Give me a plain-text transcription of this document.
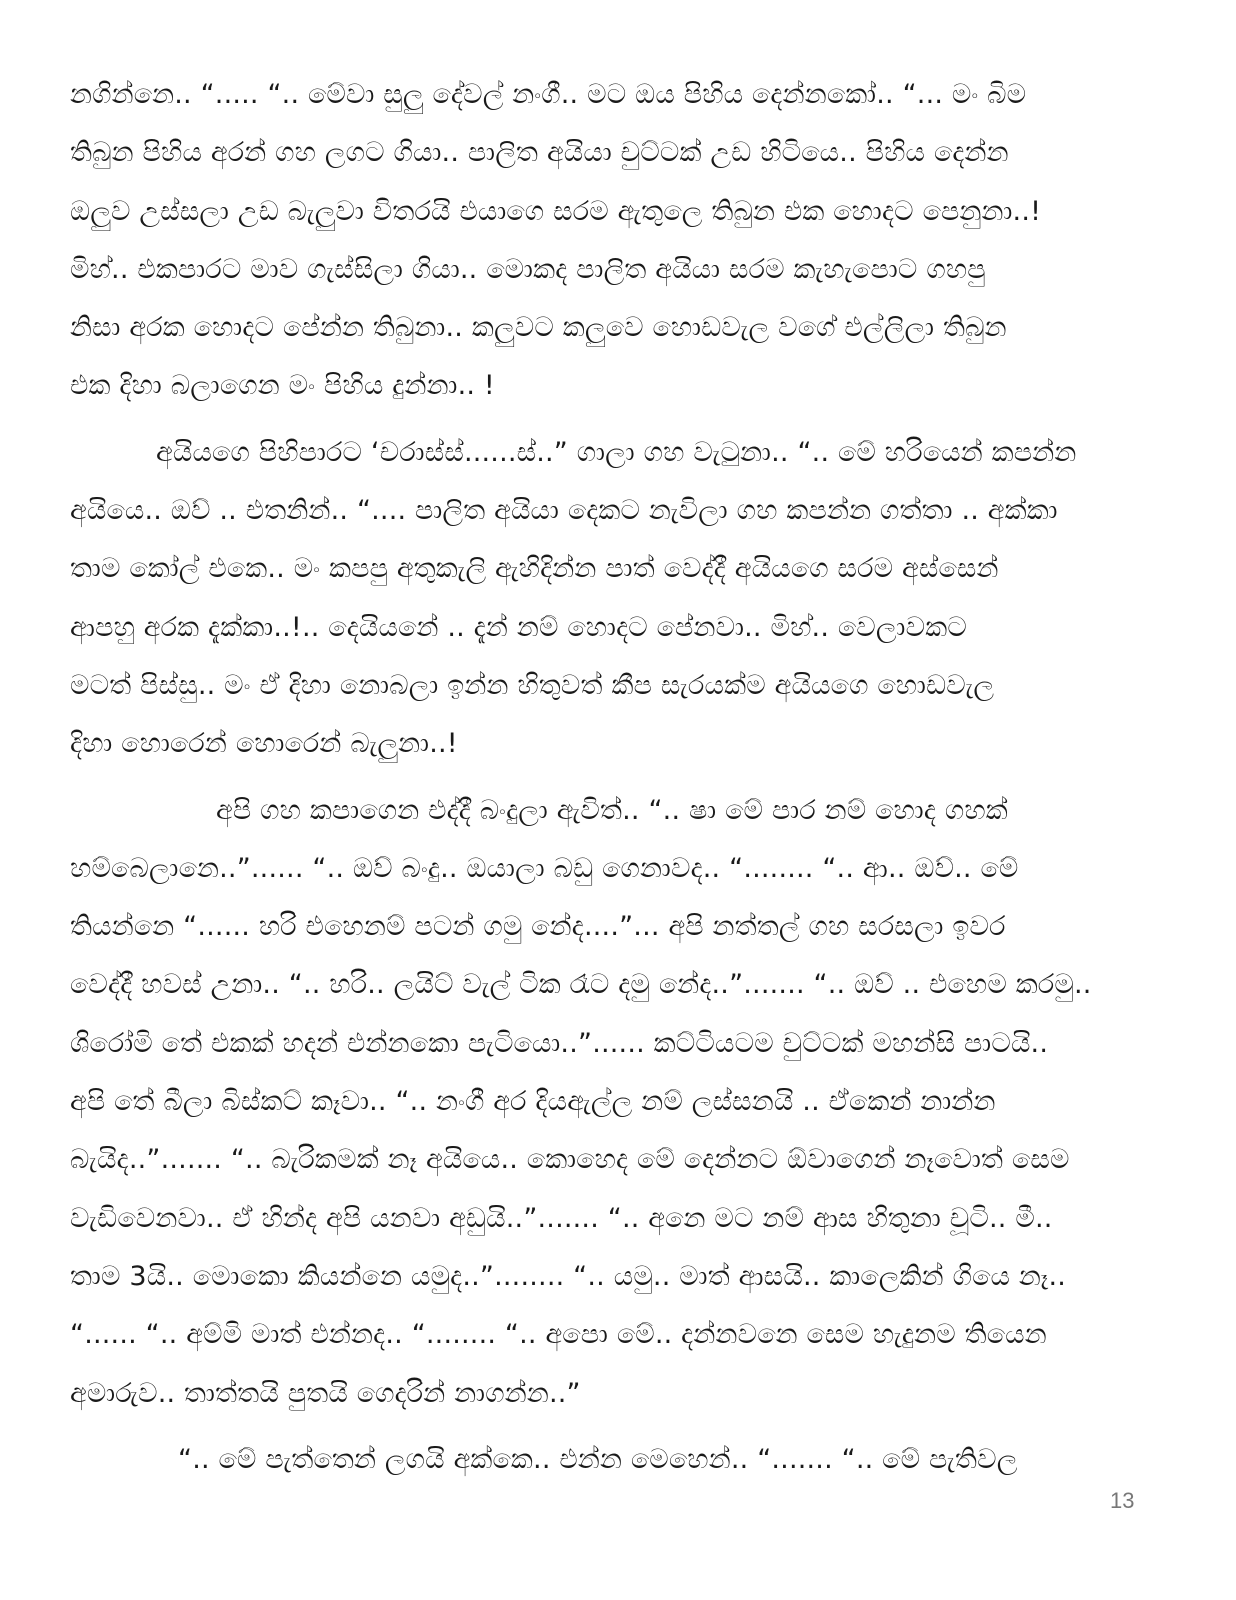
නගින්නෙ.. “..... “.. මේවා සුලු දේවල් නංගී.. මට ඔය පිහිය දෙන්නකෝ.. “... මං බිම
තිබුන පිහිය අරන් ගහ ලගට ගියා.. පාලිත අයියා චුට්ටක් උඩ හිටියෙ.. පිහිය දෙන්න
ඔලුව උස්සලා උඩ බැලුවා විතරයි එයාගෙ සරම ඇතුලෙ තිබුන එක හොදට පෙනුනා..!
මිහ්.. එකපාරට මාව ගැස්සිලා ගියා.. මොකද පාලිත අයියා සරම කැහැපොට ගහපු
නිසා අරක හොදට පේන්න තිබුනා.. කලුවට කලුවෙ හොඩවැල වගේ එල්ලිලා තිබුන
එක දිහා බලාගෙන මං පිහිය දුන්නා.. !
අයියගෙ පිහිපාරට ‘චරාස්ස්......ස්..” ගාලා ගහ වැටුනා.. “.. මේ හරියෙන් කපන්න
අයියෙ.. ඔව් .. එතනින්.. “.... පාලිත අයියා දෙකට නැවිලා ගහ කපන්න ගත්තා .. අක්කා
තාම කෝල් එකෙ.. මං කපපු අතුකැලි ඇහිදින්න පාත් වෙද්දී අයියගෙ සරම අස්සෙන්
ආපහු අරක දැක්කා..!.. දෙයියනේ .. දැන් නම් හොදට පේනවා.. මිහ්.. වෙලාවකට
මටත් පිස්සු.. මං ඒ දිහා නොබලා ඉන්න හිතුවත් කීප සැරයක්ම අයියගෙ හොඩවැල
දිහා හොරෙන් හොරෙන් බැලුනා..!
අපි ගහ කපාගෙන එද්දී බංදුලා ඇවිත්.. “.. ෂා මේ පාර නම් හොද ගහක්
හම්බෙලානෙ..”...... “.. ඔව් බංදු.. ඔයාලා බඩු ගෙනාවද.. “........ “.. ආ.. ඔව්.. මේ
තියන්නෙ “...... හරි එහෙනම් පටන් ගමු නේද....”... අපි නත්තල් ගහ සරසලා ඉවර
වෙද්දී හවස් උනා.. “.. හරි.. ලයිට් වැල් ටික රෑට දමු නේද..”....... “.. ඔව් .. එහෙම කරමු..
ශිරෝමි තේ එකක් හදන් එන්නකො පැටියො..”...... කට්ටියටම චුට්ටක් මහන්සි පාටයි..
අපි තේ බීලා බිස්කට් කෑවා.. “.. නංගී අර දියඇල්ල නම් ලස්සනයි .. ඒකෙන් නාන්න
බැයිද..”....... “.. බැරිකමක් නෑ අයියෙ.. කොහෙද මේ දෙන්නට ඕවාගෙන් නෑවොත් සෙම
වැඩිවෙනවා.. ඒ හින්ද අපි යනවා අඩුයි..”....... “.. අනෙ මට නම් ආස හිතුනා චූටි.. මී..
තාම 3යි.. මොකො කියන්නෙ යමුද..”........ “.. යමු.. මාත් ආසයි.. කාලෙකින් ගියෙ නෑ..
“...... “.. අම්මි මාත් එන්නද.. “........ “.. අපො මේ.. දන්නවනෙ සෙම හැදුනම තියෙන
අමාරුව.. තාත්තයි පුතයි ගෙදරින් නාගන්න..”
“.. මේ පැත්තෙන් ලගයි අක්කෙ.. එන්න මෙහෙන්.. “....... “.. මේ පැතිවල
13
